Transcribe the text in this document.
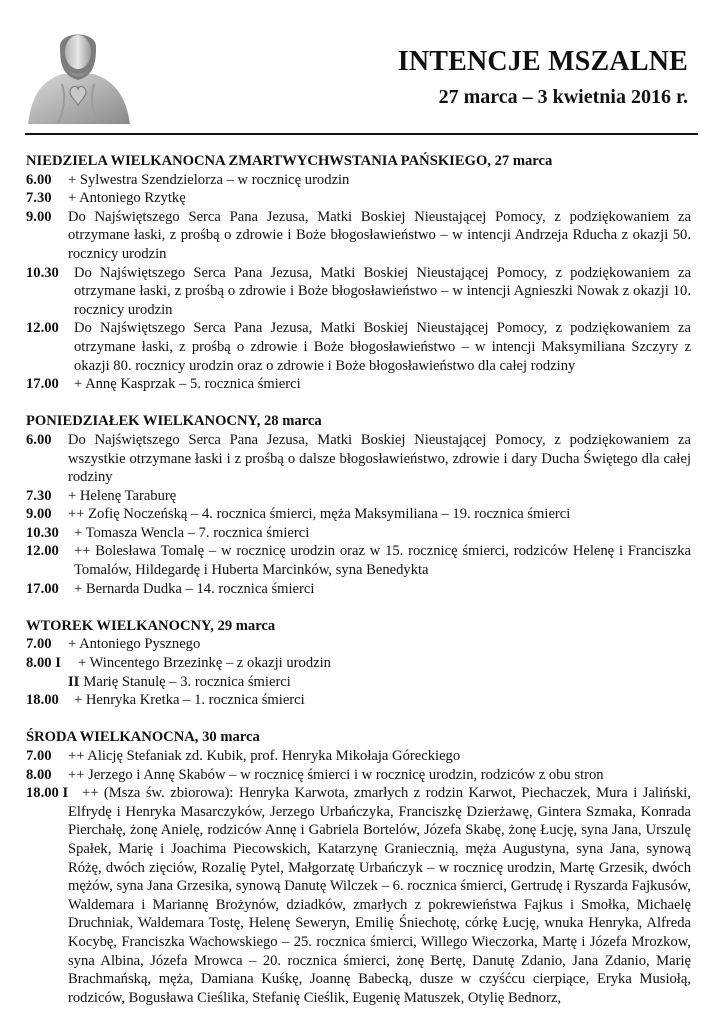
INTENCJE MSZALNE
27 marca – 3 kwietnia 2016 r.

NIEDZIELA WIELKANOCNA ZMARTWYCHWSTANIA PAŃSKIEGO, 27 marca

6.00 + Sylwestra Szendzielorza – w rocznicę urodzin
7.30 + Antoniego Rzytkę
9.00 Do Najświętszego Serca Pana Jezusa, Matki Boskiej Nieustającej Pomocy, z podziękowaniem za otrzymane łaski, z prośbą o zdrowie i Boże błogosławieństwo – w intencji Andrzeja Rducha z okazji 50. rocznicy urodzin
10.30 Do Najświętszego Serca Pana Jezusa, Matki Boskiej Nieustającej Pomocy, z podziękowaniem za otrzymane łaski, z prośbą o zdrowie i Boże błogosławieństwo – w intencji Agnieszki Nowak z okazji 10. rocznicy urodzin
12.00 Do Najświętszego Serca Pana Jezusa, Matki Boskiej Nieustającej Pomocy, z podziękowaniem za otrzymane łaski, z prośbą o zdrowie i Boże błogosławieństwo – w intencji Maksymiliana Szczyry z okazji 80. rocznicy urodzin oraz o zdrowie i Boże błogosławieństwo dla całej rodziny
17.00 + Annę Kasprzak – 5. rocznica śmierci

PONIEDZIAŁEK WIELKANOCNY, 28 marca

6.00 Do Najświętszego Serca Pana Jezusa, Matki Boskiej Nieustającej Pomocy, z podziękowaniem za wszystkie otrzymane łaski i z prośbą o dalsze błogosławieństwo, zdrowie i dary Ducha Świętego dla całej rodziny
7.30 + Helenę Taraburę
9.00 ++ Zofię Noczeńską – 4. rocznica śmierci, męża Maksymiliana – 19. rocznica śmierci
10.30 + Tomasza Wencla – 7. rocznica śmierci
12.00 ++ Bolesława Tomalę – w rocznicę urodzin oraz w 15. rocznicę śmierci, rodziców Helenę i Franciszka Tomalów, Hildegardę i Huberta Marcinków, syna Benedykta
17.00 + Bernarda Dudka – 14. rocznica śmierci

WTOREK WIELKANOCNY, 29 marca

7.00 + Antoniego Pysznego
8.00 I + Wincentego Brzezinkę – z okazji urodzin
II Marię Stanulę – 3. rocznica śmierci
18.00 + Henryka Kretka – 1. rocznica śmierci

ŚRODA WIELKANOCNA, 30 marca

7.00 ++ Alicję Stefaniak zd. Kubik, prof. Henryka Mikołaja Góreckiego
8.00 ++ Jerzego i Annę Skabów – w rocznicę śmierci i w rocznicę urodzin, rodziców z obu stron
18.00 I ++ (Msza św. zbiorowa): Henryka Karwota, zmarłych z rodzin Karwot, Piechaczek, Mura i Jaliński, Elfrydę i Henryka Masarczyków, Jerzego Urbańczyka, Franciszkę Dzierżawę, Gintera Szmaka, Konrada Pierchałę, żonę Anielę, rodziców Annę i Gabriela Bortelów, Józefa Skabę, żonę Łucję, syna Jana, Urszulę Spałek, Marię i Joachima Piecowskich, Katarzynę Graniecznią, męża Augustyna, syna Jana, synową Różę, dwóch zięciów, Rozalię Pytel, Małgorzatę Urbańczyk – w rocznicę urodzin, Martę Grzesik, dwóch mężów, syna Jana Grzesika, synową Danutę Wilczek – 6. rocznica śmierci, Gertrudę i Ryszarda Fajkusów, Waldemara i Mariannę Brożynów, dziadków, zmarłych z pokrewieństwa Fajkus i Smołka, Michaelę Druchniak, Waldemara Tostę, Helenę Seweryn, Emilię Śniechotę, córkę Łucję, wnuka Henryka, Alfreda Kocybę, Franciszka Wachowskiego – 25. rocznica śmierci, Willego Wieczorka, Martę i Józefa Mrozkow, syna Albina, Józefa Mrowca – 20. rocznica śmierci, żonę Bertę, Danutę Zdanio, Jana Zdanio, Marię Brachmańską, męża, Damiana Kuśkę, Joannę Babecką, dusze w czyśćcu cierpiące, Eryka Musiołą, rodziców, Bogusława Cieślika, Stefanię Cieślik, Eugenię Matuszek, Otylię Bednorz,
